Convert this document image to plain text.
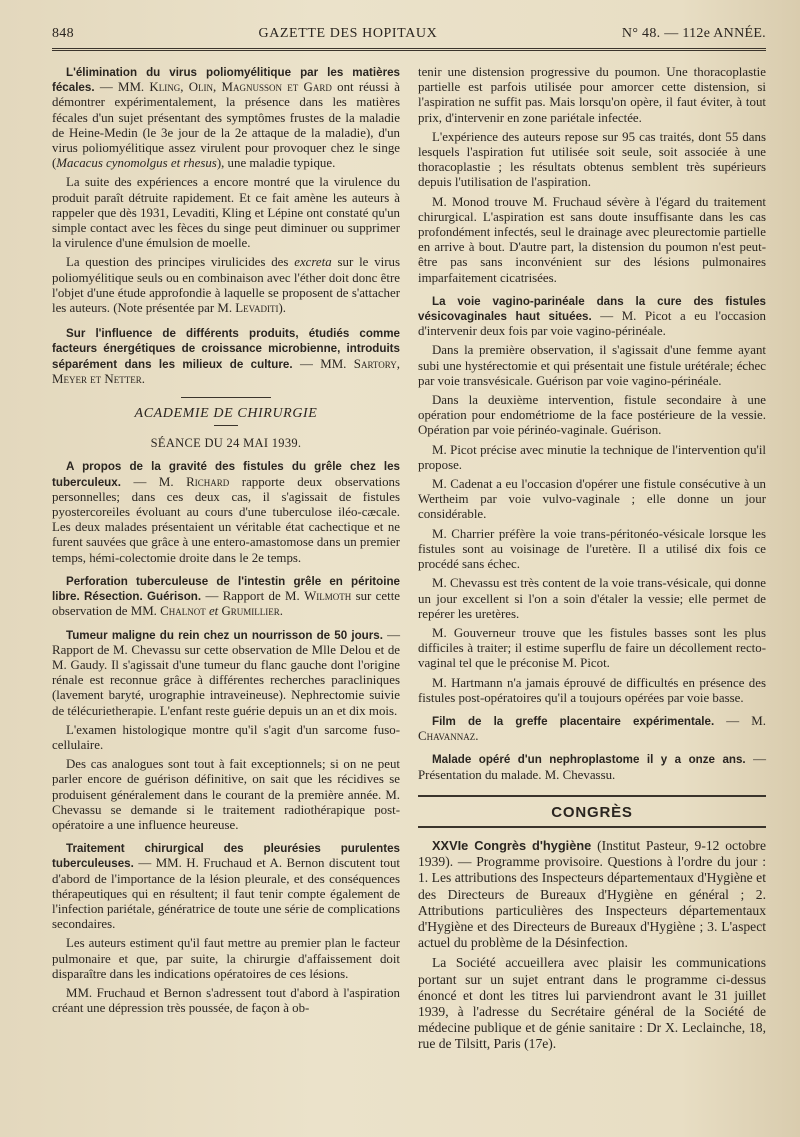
848	GAZETTE DES HOPITAUX	N° 48. — 112e ANNÉE.

L'élimination du virus poliomyélitique par les matières fécales. — MM. Kling, Olin, Magnusson et Gard ont réussi à démontrer expérimentalement, la présence dans les matières fécales d'un sujet présentant des symptômes frustes de la maladie de Heine-Medin (le 3e jour de la 2e attaque de la maladie), d'un virus poliomyélitique assez virulent pour provoquer chez le singe (Macacus cynomolgus et rhesus), une maladie typique.

La suite des expériences a encore montré que la virulence du produit paraît détruite rapidement. Et ce fait amène les auteurs à rappeler que dès 1931, Levaditi, Kling et Lépine ont constaté qu'un simple contact avec les fèces du singe peut diminuer ou supprimer la virulence d'une émulsion de moelle.

La question des principes virulicides des excreta sur le virus poliomyélitique seuls ou en combinaison avec l'éther doit donc être l'objet d'une étude approfondie à laquelle se proposent de s'attacher les auteurs. (Note présentée par M. Levaditi).

Sur l'influence de différents produits, étudiés comme facteurs énergétiques de croissance microbienne, introduits séparément dans les milieux de culture. — MM. Sartory, Meyer et Netter.

ACADEMIE DE CHIRURGIE
SÉANCE DU 24 MAI 1939.

A propos de la gravité des fistules du grêle chez les tuberculeux. — M. Richard rapporte deux observations personnelles; dans ces deux cas, il s'agissait de fistules pyostercoreiles évoluant au cours d'une tuberculose iléo-cæcale. Les deux malades présentaient un véritable état cachectique et ne furent sauvées que grâce à une entero-amastomose dans un premier temps, hémi-colectomie droite dans le 2e temps.

Perforation tuberculeuse de l'intestin grêle en péritoine libre. Résection. Guérison. — Rapport de M. Wilmoth sur cette observation de MM. Chalnot et Grumillier.

Tumeur maligne du rein chez un nourrisson de 50 jours. — Rapport de M. Chevassu sur cette observation de Mlle Delou et de M. Gaudy. Il s'agissait d'une tumeur du flanc gauche dont l'origine rénale est reconnue grâce à différentes recherches paracliniques (lavement baryté, urographie intraveineuse). Nephrectomie suivie de télécurietherapie. L'enfant reste guérie depuis un an et dix mois.

L'examen histologique montre qu'il s'agit d'un sarcome fuso-cellulaire.

Des cas analogues sont tout à fait exceptionnels; si on ne peut parler encore de guérison définitive, on sait que les récidives se produisent généralement dans le courant de la première année. M. Chevassu se demande si le traitement radiothérapique post-opératoire a une influence heureuse.

Traitement chirurgical des pleurésies purulentes tuberculeuses. — MM. H. Fruchaud et A. Bernon discutent tout d'abord de l'importance de la lésion pleurale, et des conséquences thérapeutiques qui en résultent; il faut tenir compte également de l'infection pariétale, génératrice de toute une série de complications secondaires.

Les auteurs estiment qu'il faut mettre au premier plan le facteur pulmonaire et que, par suite, la chirurgie d'affaissement doit disparaître dans les indications opératoires de ces lésions.

MM. Fruchaud et Bernon s'adressent tout d'abord à l'aspiration créant une dépression très poussée, de façon à ob-

tenir une distension progressive du poumon. Une thoracoplastie partielle est parfois utilisée pour amorcer cette distension, si l'aspiration ne suffit pas. Mais lorsqu'on opère, il faut éviter, à tout prix, d'intervenir en zone pariétale infectée.

L'expérience des auteurs repose sur 95 cas traités, dont 55 dans lesquels l'aspiration fut utilisée soit seule, soit associée à une thoracoplastie ; les résultats obtenus semblent très supérieurs depuis l'utilisation de l'aspiration.

M. Monod trouve M. Fruchaud sévère à l'égard du traitement chirurgical. L'aspiration est sans doute insuffisante dans les cas profondément infectés, seul le drainage avec pleurectomie partielle en arrive à bout. D'autre part, la distension du poumon n'est peut-être pas sans inconvénient sur des lésions pulmonaires imparfaitement cicatrisées.

La voie vagino-parinéale dans la cure des fistules vésicovaginales haut situées. — M. Picot a eu l'occasion d'intervenir deux fois par voie vagino-périnéale.

Dans la première observation, il s'agissait d'une femme ayant subi une hystérectomie et qui présentait une fistule urétérale; échec par voie transvésicale. Guérison par voie vagino-périnéale.

Dans la deuxième intervention, fistule secondaire à une opération pour endométriome de la face postérieure de la vessie. Opération par voie périnéo-vaginale. Guérison.

M. Picot précise avec minutie la technique de l'intervention qu'il propose.

M. Cadenat a eu l'occasion d'opérer une fistule consécutive à un Wertheim par voie vulvo-vaginale ; elle donne un jour considérable.

M. Charrier préfère la voie trans-péritonéo-vésicale lorsque les fistules sont au voisinage de l'uretère. Il a utilisé dix fois ce procédé sans échec.

M. Chevassu est très content de la voie trans-vésicale, qui donne un jour excellent si l'on a soin d'étaler la vessie; elle permet de repérer les uretères.

M. Gouverneur trouve que les fistules basses sont les plus difficiles à traiter; il estime superflu de faire un décollement recto-vaginal tel que le préconise M. Picot.

M. Hartmann n'a jamais éprouvé de difficultés en présence des fistules post-opératoires qu'il a toujours opérées par voie basse.

Film de la greffe placentaire expérimentale. — M. Chavannaz.

Malade opéré d'un nephroplastome il y a onze ans. — Présentation du malade. M. Chevassu.

CONGRÈS

XXVIe Congrès d'hygiène (Institut Pasteur, 9-12 octobre 1939). — Programme provisoire. Questions à l'ordre du jour : 1. Les attributions des Inspecteurs départementaux d'Hygiène et des Directeurs de Bureaux d'Hygiène en général ; 2. Attributions particulières des Inspecteurs départementaux d'Hygiène et des Directeurs de Bureaux d'Hygiène ; 3. L'aspect actuel du problème de la Désinfection.

La Société accueillera avec plaisir les communications portant sur un sujet entrant dans le programme ci-dessus énoncé et dont les titres lui parviendront avant le 31 juillet 1939, à l'adresse du Secrétaire général de la Société de médecine publique et de génie sanitaire : Dr X. Leclainche, 18, rue de Tilsitt, Paris (17e).
